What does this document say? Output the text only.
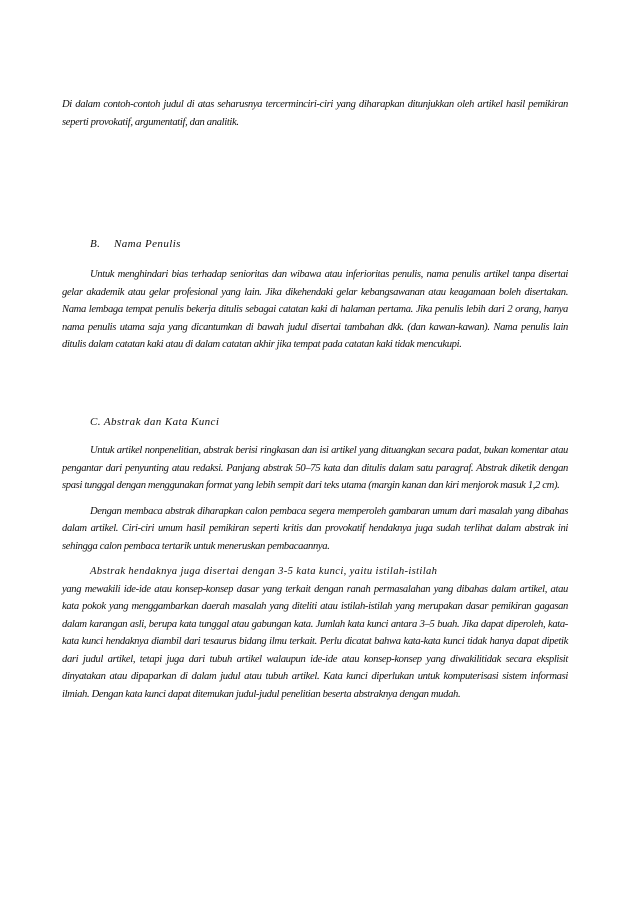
Di dalam contoh-contoh judul di atas seharusnya tercerminciri-ciri yang diharapkan ditunjukkan oleh artikel hasil pemikiran seperti provokatif, argumentatif, dan analitik.

B. Nama Penulis

Untuk menghindari bias terhadap senioritas dan wibawa atau inferioritas penulis, nama penulis artikel tanpa disertai gelar akademik atau gelar profesional yang lain. Jika dikehendaki gelar kebangsawanan atau keagamaan boleh disertakan. Nama lembaga tempat penulis bekerja ditulis sebagai catatan kaki di halaman pertama. Jika penulis lebih dari 2 orang, hanya nama penulis utama saja yang dicantumkan di bawah judul disertai tambahan dkk. (dan kawan-kawan). Nama penulis lain ditulis dalam catatan kaki atau di dalam catatan akhir jika tempat pada catatan kaki tidak mencukupi.

C. Abstrak dan Kata Kunci

Untuk artikel nonpenelitian, abstrak berisi ringkasan dan isi artikel yang dituangkan secara padat, bukan komentar atau pengantar dari penyunting atau redaksi. Panjang abstrak 50–75 kata dan ditulis dalam satu paragraf. Abstrak diketik dengan spasi tunggal dengan menggunakan format yang lebih sempit dari teks utama (margin kanan dan kiri menjorok masuk 1,2 cm).

Dengan membaca abstrak diharapkan calon pembaca segera memperoleh gambaran umum dari masalah yang dibahas dalam artikel. Ciri-ciri umum hasil pemikiran seperti kritis dan provokatif hendaknya juga sudah terlihat dalam abstrak ini sehingga calon pembaca tertarik untuk meneruskan pembacaannya.

Abstrak hendaknya juga disertai dengan 3-5 kata kunci, yaitu istilah-istilah

yang mewakili ide-ide atau konsep-konsep dasar yang terkait dengan ranah permasalahan yang dibahas dalam artikel, atau kata pokok yang menggambarkan daerah masalah yang diteliti atau istilah-istilah yang merupakan dasar pemikiran gagasan dalam karangan asli, berupa kata tunggal atau gabungan kata. Jumlah kata kunci antara 3–5 buah. Jika dapat diperoleh, kata-kata kunci hendaknya diambil dari tesaurus bidang ilmu terkait. Perlu dicatat bahwa kata-kata kunci tidak hanya dapat dipetik dari judul artikel, tetapi juga dari tubuh artikel walaupun ide-ide atau konsep-konsep yang diwakilitidak secara eksplisit dinyatakan atau dipaparkan di dalam judul atau tubuh artikel. Kata kunci diperlukan untuk komputerisasi sistem informasi ilmiah. Dengan kata kunci dapat ditemukan judul-judul penelitian beserta abstraknya dengan mudah.
